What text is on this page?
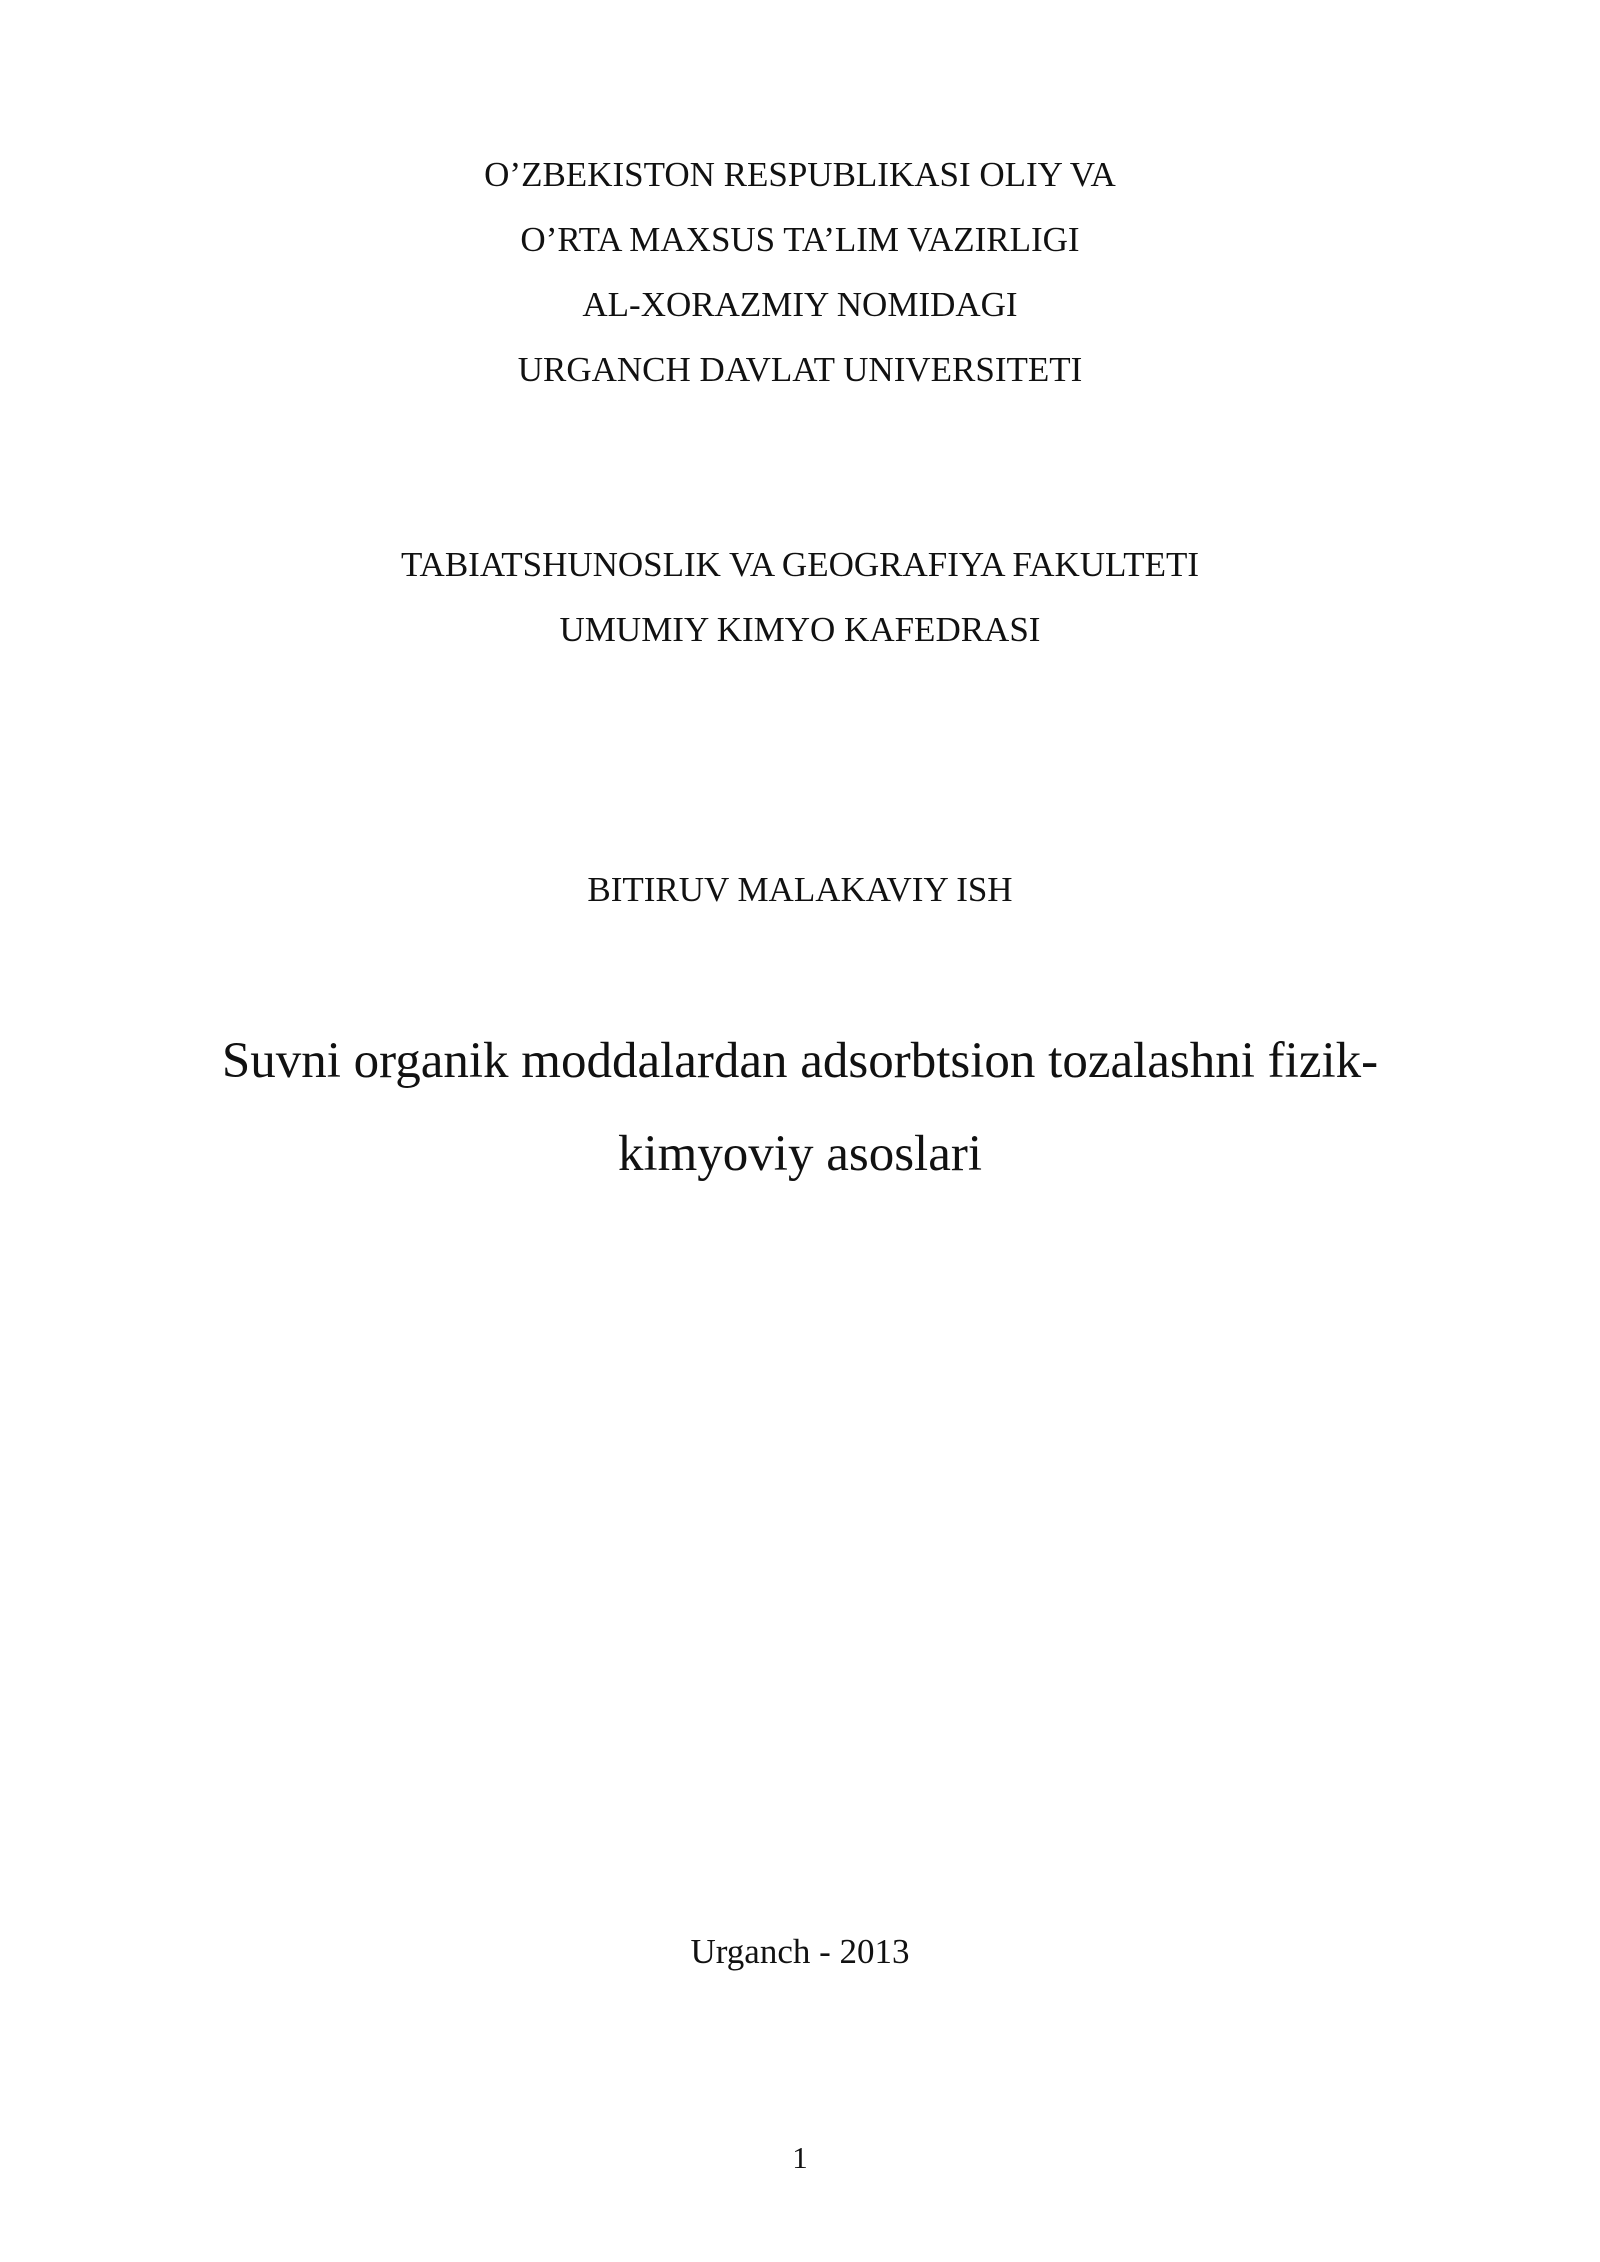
O’ZBEKISTON RESPUBLIKASI OLIY VA
O’RTA MAXSUS TA’LIM VAZIRLIGI
AL-XORAZMIY NOMIDAGI
URGANCH DAVLAT UNIVERSITETI
TABIATSHUNOSLIK VA GEOGRAFIYA FAKULTETI
UMUMIY KIMYO KAFEDRASI
BITIRUV MALAKAVIY ISH
Suvni organik moddalardan adsorbtsion tozalashni fizik-
kimyoviy asoslari
Urganch - 2013
1
